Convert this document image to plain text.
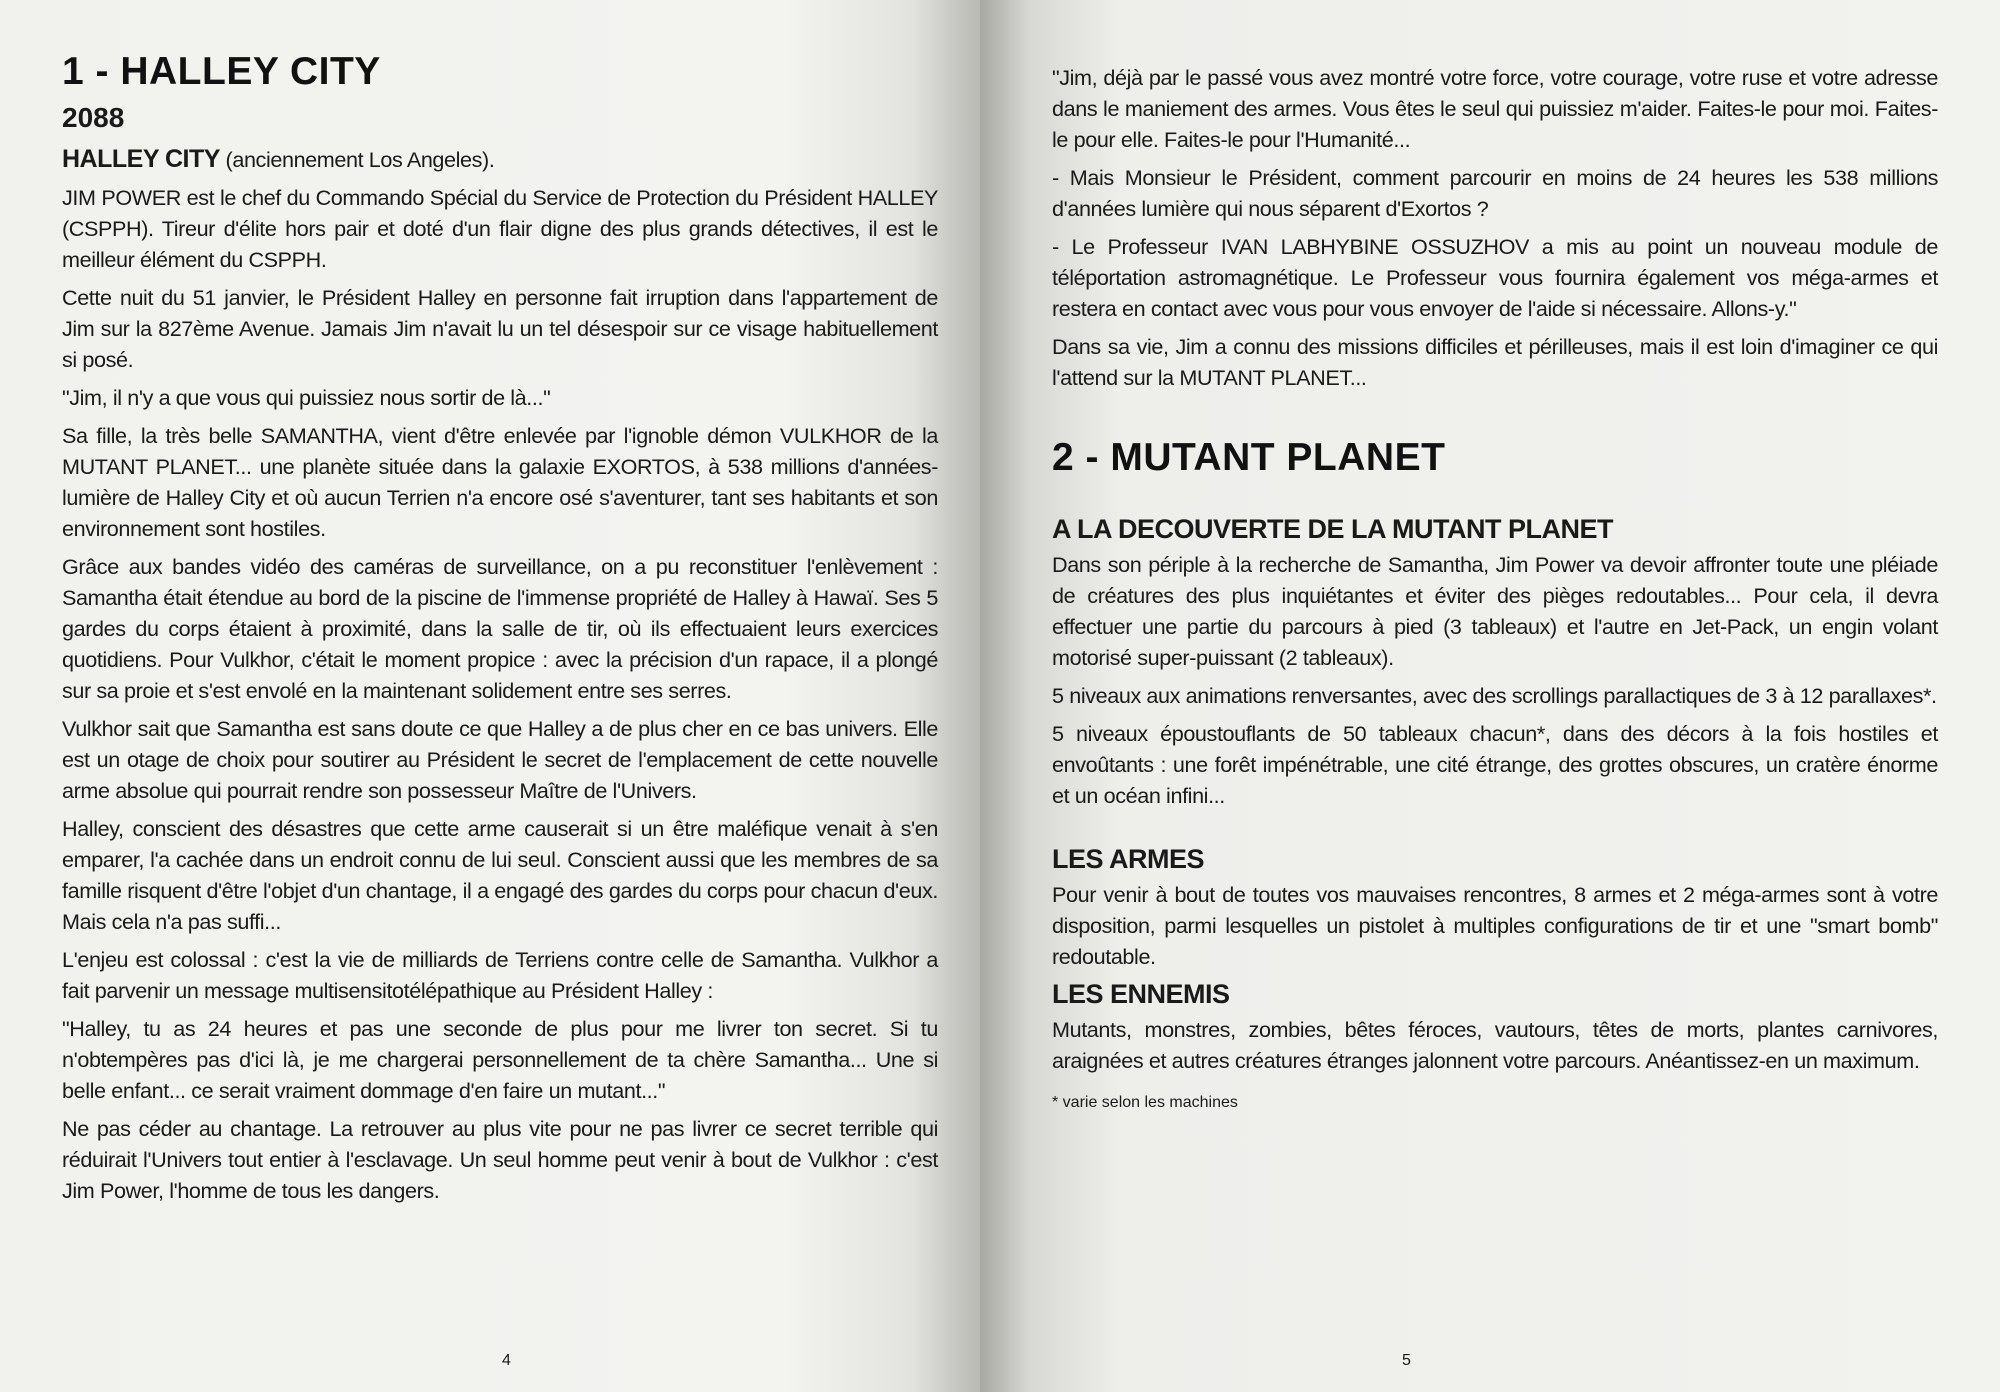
1 - HALLEY CITY
2088

HALLEY CITY (anciennement Los Angeles).

JIM POWER est le chef du Commando Spécial du Service de Protection du Président HALLEY (CSPPH). Tireur d'élite hors pair et doté d'un flair digne des plus grands détectives, il est le meilleur élément du CSPPH.

Cette nuit du 51 janvier, le Président Halley en personne fait irruption dans l'appartement de Jim sur la 827ème Avenue. Jamais Jim n'avait lu un tel désespoir sur ce visage habituellement si posé.

"Jim, il n'y a que vous qui puissiez nous sortir de là..."

Sa fille, la très belle SAMANTHA, vient d'être enlevée par l'ignoble démon VULKHOR de la MUTANT PLANET... une planète située dans la galaxie EXORTOS, à 538 millions d'années-lumière de Halley City et où aucun Terrien n'a encore osé s'aventurer, tant ses habitants et son environnement sont hostiles.

Grâce aux bandes vidéo des caméras de surveillance, on a pu reconstituer l'enlèvement : Samantha était étendue au bord de la piscine de l'immense propriété de Halley à Hawaï. Ses 5 gardes du corps étaient à proximité, dans la salle de tir, où ils effectuaient leurs exercices quotidiens. Pour Vulkhor, c'était le moment propice : avec la précision d'un rapace, il a plongé sur sa proie et s'est envolé en la maintenant solidement entre ses serres.

Vulkhor sait que Samantha est sans doute ce que Halley a de plus cher en ce bas univers. Elle est un otage de choix pour soutirer au Président le secret de l'emplacement de cette nouvelle arme absolue qui pourrait rendre son possesseur Maître de l'Univers.

Halley, conscient des désastres que cette arme causerait si un être maléfique venait à s'en emparer, l'a cachée dans un endroit connu de lui seul. Conscient aussi que les membres de sa famille risquent d'être l'objet d'un chantage, il a engagé des gardes du corps pour chacun d'eux. Mais cela n'a pas suffi...

L'enjeu est colossal : c'est la vie de milliards de Terriens contre celle de Samantha. Vulkhor a fait parvenir un message multisensitotélépathique au Président Halley :

"Halley, tu as 24 heures et pas une seconde de plus pour me livrer ton secret. Si tu n'obtempères pas d'ici là, je me chargerai personnellement de ta chère Samantha... Une si belle enfant... ce serait vraiment dommage d'en faire un mutant..."

Ne pas céder au chantage. La retrouver au plus vite pour ne pas livrer ce secret terrible qui réduirait l'Univers tout entier à l'esclavage. Un seul homme peut venir à bout de Vulkhor : c'est Jim Power, l'homme de tous les dangers.

4

"Jim, déjà par le passé vous avez montré votre force, votre courage, votre ruse et votre adresse dans le maniement des armes. Vous êtes le seul qui puissiez m'aider. Faites-le pour moi. Faites-le pour elle. Faites-le pour l'Humanité...

- Mais Monsieur le Président, comment parcourir en moins de 24 heures les 538 millions d'années lumière qui nous séparent d'Exortos ?

- Le Professeur IVAN LABHYBINE OSSUZHOV a mis au point un nouveau module de téléportation astromagnétique. Le Professeur vous fournira également vos méga-armes et restera en contact avec vous pour vous envoyer de l'aide si nécessaire. Allons-y."

Dans sa vie, Jim a connu des missions difficiles et périlleuses, mais il est loin d'imaginer ce qui l'attend sur la MUTANT PLANET...

2 - MUTANT PLANET
A LA DECOUVERTE DE LA MUTANT PLANET

Dans son périple à la recherche de Samantha, Jim Power va devoir affronter toute une pléiade de créatures des plus inquiétantes et éviter des pièges redoutables... Pour cela, il devra effectuer une partie du parcours à pied (3 tableaux) et l'autre en Jet-Pack, un engin volant motorisé super-puissant (2 tableaux).

5 niveaux aux animations renversantes, avec des scrollings parallactiques de 3 à 12 parallaxes*.

5 niveaux époustouflants de 50 tableaux chacun*, dans des décors à la fois hostiles et envoûtants : une forêt impénétrable, une cité étrange, des grottes obscures, un cratère énorme et un océan infini...

LES ARMES

Pour venir à bout de toutes vos mauvaises rencontres, 8 armes et 2 méga-armes sont à votre disposition, parmi lesquelles un pistolet à multiples configurations de tir et une "smart bomb" redoutable.

LES ENNEMIS

Mutants, monstres, zombies, bêtes féroces, vautours, têtes de morts, plantes carnivores, araignées et autres créatures étranges jalonnent votre parcours. Anéantissez-en un maximum.

* varie selon les machines
5
